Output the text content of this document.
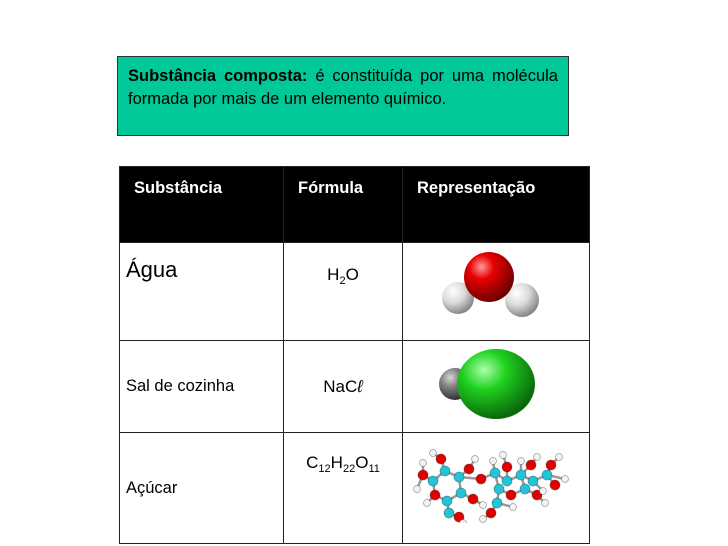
Substância composta: é constituída por uma molécula formada por mais de um elemento químico.
Substância	Fórmula	Representação
Água	$H_2O$	

Sal de cozinha	NaCℓ	

Açúcar	$C_{12}H_{22}O_{11}$	
